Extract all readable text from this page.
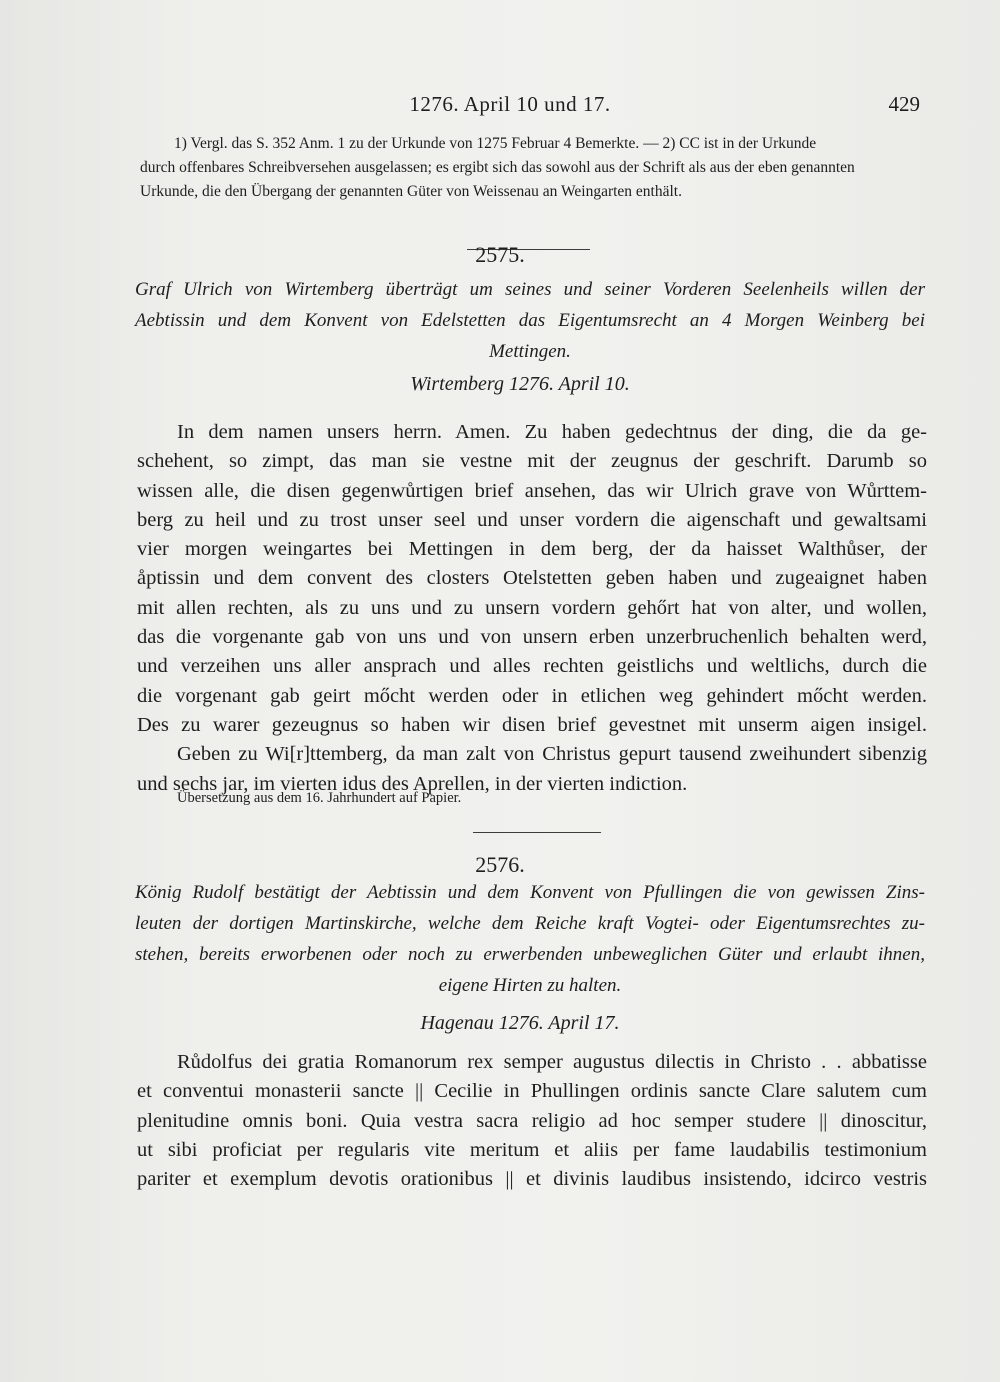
1276. April 10 und 17.	429
1) Vergl. das S. 352 Anm. 1 zu der Urkunde von 1275 Februar 4 Bemerkte. — 2) CC ist in der Urkunde
durch offenbares Schreibversehen ausgelassen; es ergibt sich das sowohl aus der Schrift als aus der eben genannten
Urkunde, die den Übergang der genannten Güter von Weissenau an Weingarten enthält.
2575.
Graf Ulrich von Wirtemberg überträgt um seines und seiner Vorderen Seelenheils willen der
Aebtissin und dem Konvent von Edelstetten das Eigentumsrecht an 4 Morgen Weinberg bei
Mettingen.
Wirtemberg 1276. April 10.
In dem namen unsers herrn. Amen. Zu haben gedechtnus der ding, die da ge-
schehent, so zimpt, das man sie vestne mit der zeugnus der geschrift. Darumb so
wissen alle, die disen gegenwůrtigen brief ansehen, das wir Ulrich grave von Wůrttem-
berg zu heil und zu trost unser seel und unser vordern die aigenschaft und gewaltsami
vier morgen weingartes bei Mettingen in dem berg, der da haisset Walthůser, der
åptissin und dem convent des closters Otelstetten geben haben und zugeaignet haben
mit allen rechten, als zu uns und zu unsern vordern gehőrt hat von alter, und wollen,
das die vorgenante gab von uns und von unsern erben unzerbruchenlich behalten werd,
und verzeihen uns aller ansprach und alles rechten geistlichs und weltlichs, durch die
die vorgenant gab geirt mőcht werden oder in etlichen weg gehindert mőcht werden.
Des zu warer gezeugnus so haben wir disen brief gevestnet mit unserm aigen insigel.
Geben zu Wi[r]ttemberg, da man zalt von Christus gepurt tausend zweihundert sibenzig
und sechs jar, im vierten idus des Aprellen, in der vierten indiction.
Übersetzung aus dem 16. Jahrhundert auf Papier.
2576.
König Rudolf bestätigt der Aebtissin und dem Konvent von Pfullingen die von gewissen Zins-
leuten der dortigen Martinskirche, welche dem Reiche kraft Vogtei- oder Eigentumsrechtes zu-
stehen, bereits erworbenen oder noch zu erwerbenden unbeweglichen Güter und erlaubt ihnen,
eigene Hirten zu halten.
Hagenau 1276. April 17.
Růdolfus dei gratia Romanorum rex semper augustus dilectis in Christo . . abbatisse
et conventui monasterii sancte || Cecilie in Phullingen ordinis sancte Clare salutem cum
plenitudine omnis boni. Quia vestra sacra religio ad hoc semper studere || dinoscitur,
ut sibi proficiat per regularis vite meritum et aliis per fame laudabilis testimonium
pariter et exemplum devotis orationibus || et divinis laudibus insistendo, idcirco vestris
